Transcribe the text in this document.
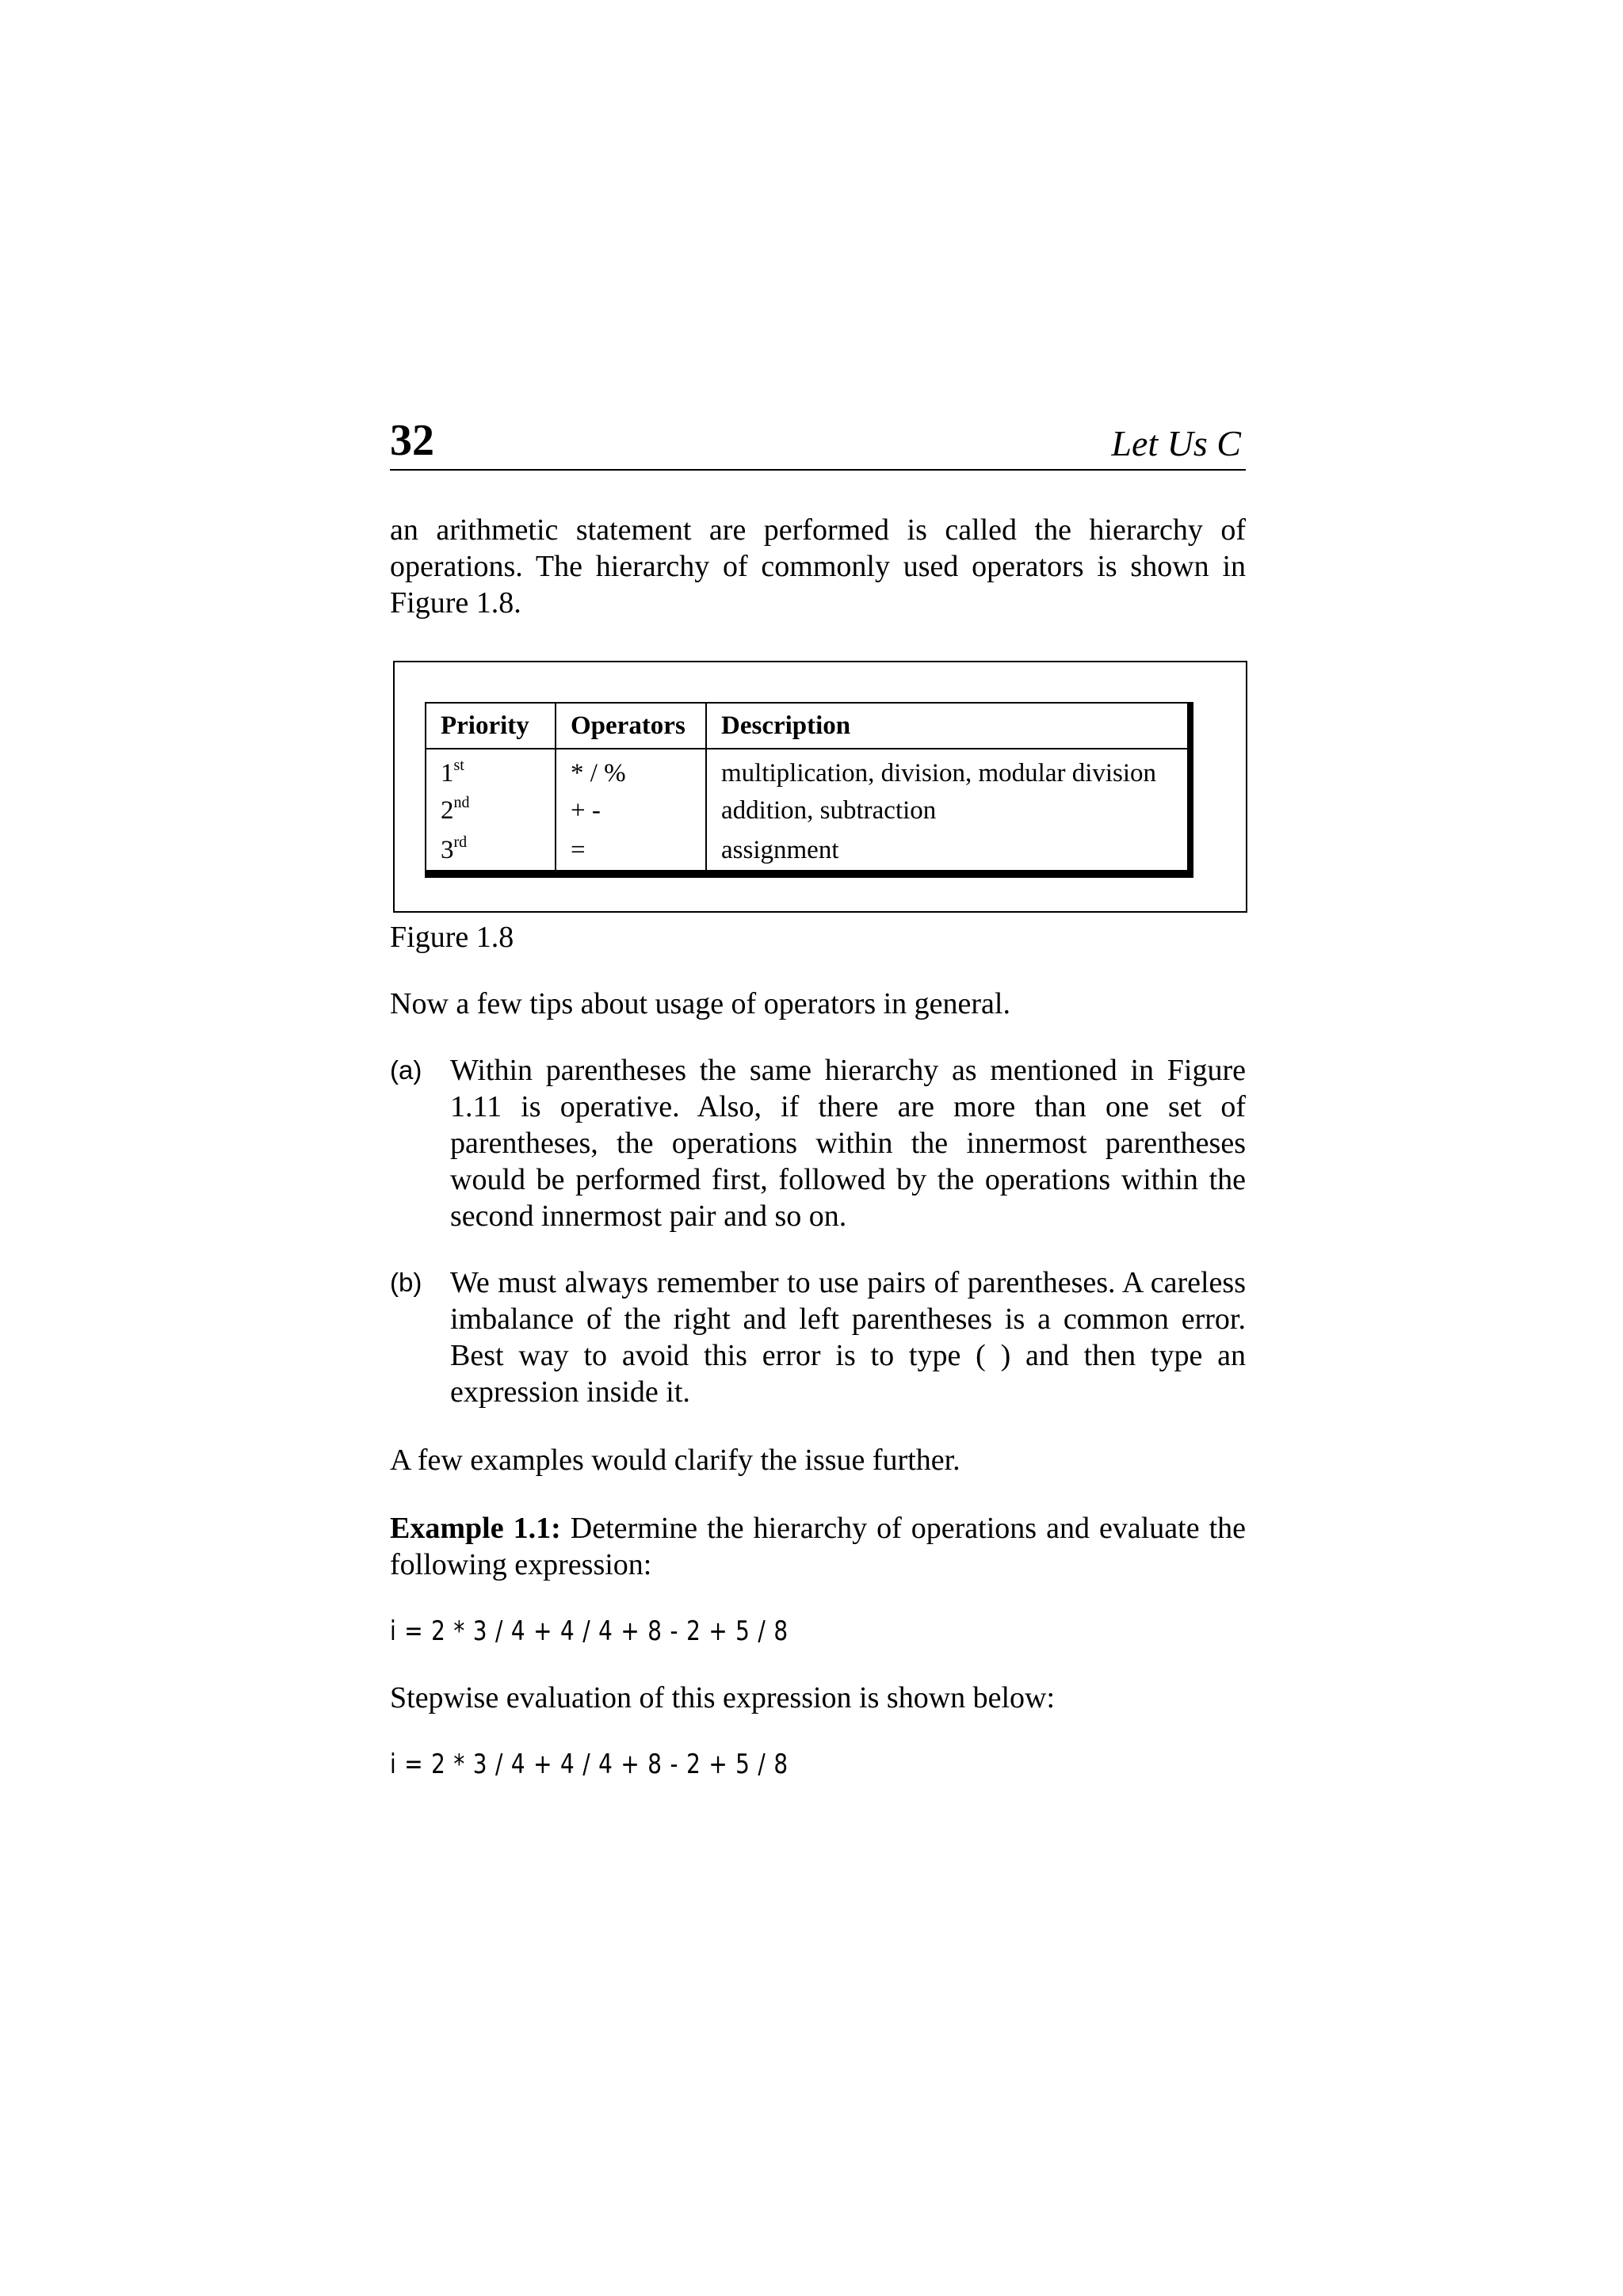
32	Let Us C

an arithmetic statement are performed is called the hierarchy of operations. The hierarchy of commonly used operators is shown in Figure 1.8.

Priority	Operators	Description
1st	* / %	multiplication, division, modular division
2nd	+ -	addition, subtraction
3rd	=	assignment
Figure 1.8

Now a few tips about usage of operators in general.

(a) Within parentheses the same hierarchy as mentioned in Figure 1.11 is operative. Also, if there are more than one set of parentheses, the operations within the innermost parentheses would be performed first, followed by the operations within the second innermost pair and so on.

(b) We must always remember to use pairs of parentheses. A careless imbalance of the right and left parentheses is a common error. Best way to avoid this error is to type ( ) and then type an expression inside it.

A few examples would clarify the issue further.

Example 1.1: Determine the hierarchy of operations and evaluate the following expression:

i = 2 * 3 / 4 + 4 / 4 + 8 - 2 + 5 / 8

Stepwise evaluation of this expression is shown below:

i = 2 * 3 / 4 + 4 / 4 + 8 - 2 + 5 / 8
